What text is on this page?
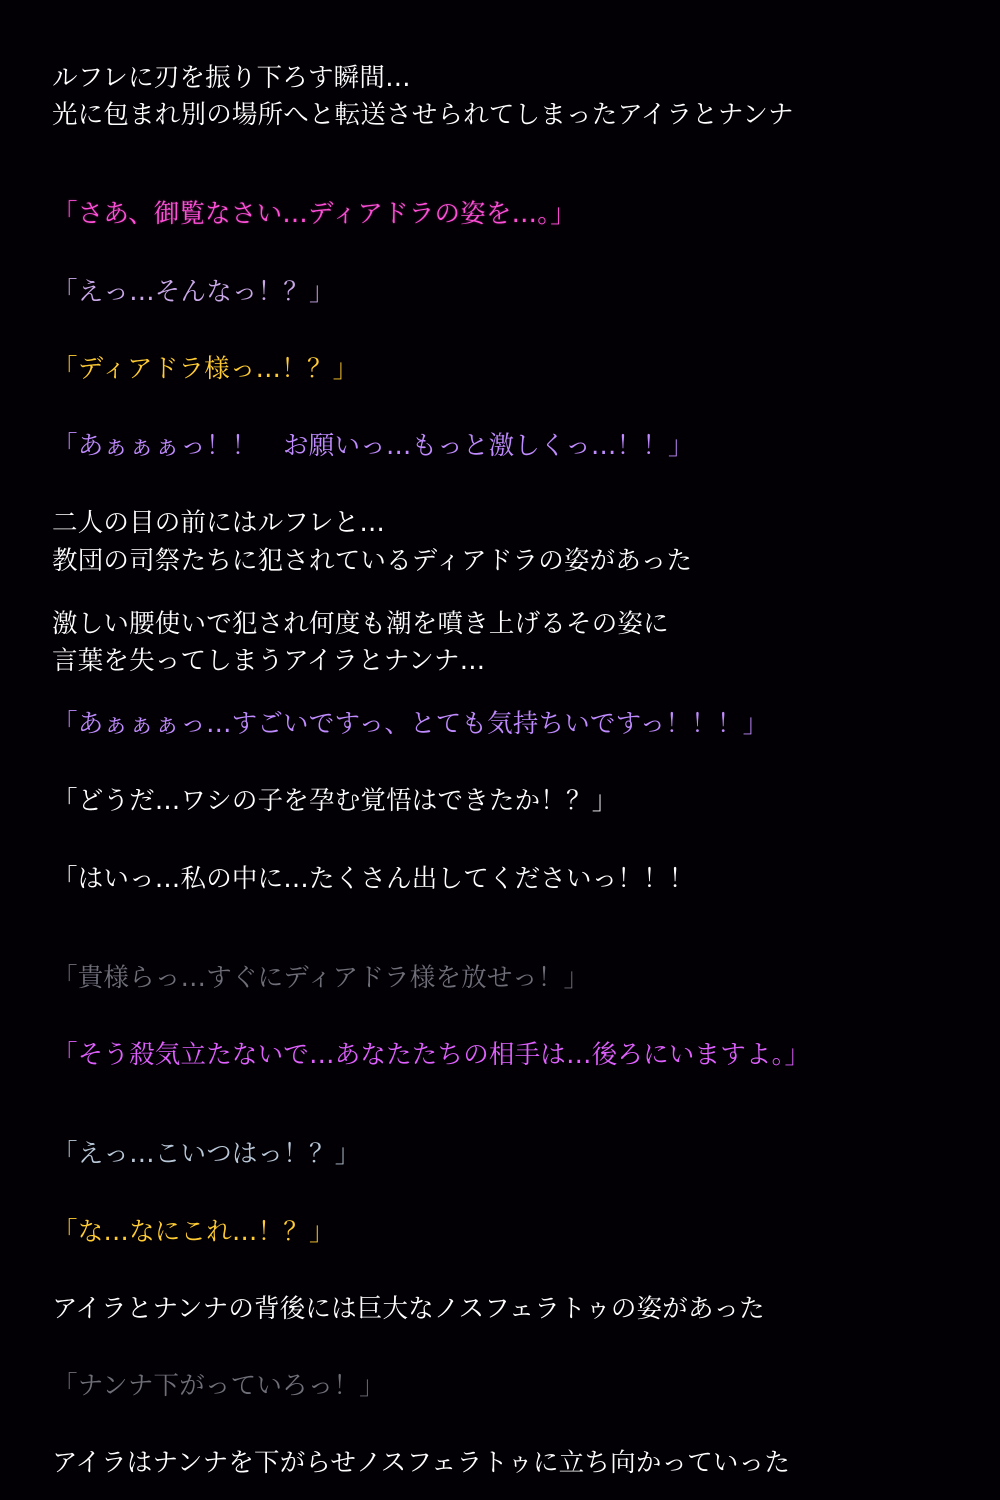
ルフレに刃を振り下ろす瞬間…

光に包まれ別の場所へと転送させられてしまったアイラとナンナ

「さあ、御覧なさい…ディアドラの姿を…。」

「えっ…そんなっ！？」

「ディアドラ様っ…！？」

「あぁぁぁっ！！　お願いっ…もっと激しくっ…！！」

二人の目の前にはルフレと…

教団の司祭たちに犯されているディアドラの姿があった

激しい腰使いで犯され何度も潮を噴き上げるその姿に

言葉を失ってしまうアイラとナンナ…

「あぁぁぁっ…すごいですっ、とても気持ちいですっ！！！」

「どうだ…ワシの子を孕む覚悟はできたか！？」

「はいっ…私の中に…たくさん出してくださいっ！！！

「貴様らっ…すぐにディアドラ様を放せっ！」

「そう殺気立たないで…あなたたちの相手は…後ろにいますよ。」

「えっ…こいつはっ！？」

「な…なにこれ…！？」

アイラとナンナの背後には巨大なノスフェラトゥの姿があった

「ナンナ下がっていろっ！」

アイラはナンナを下がらせノスフェラトゥに立ち向かっていった
